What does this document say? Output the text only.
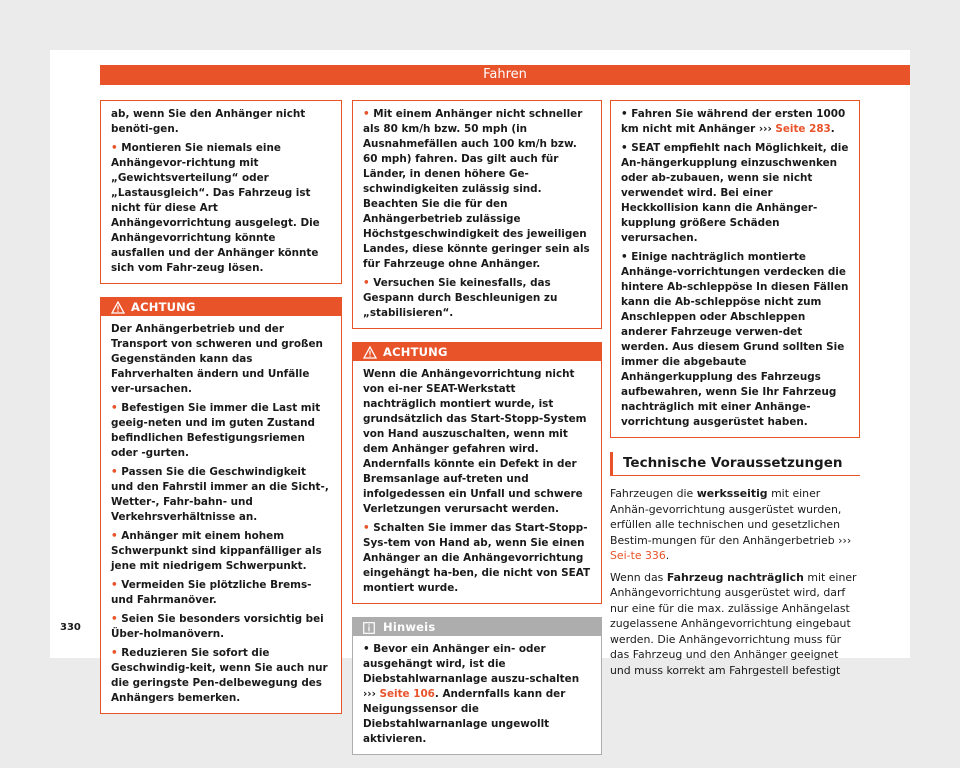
Fahren

ab, wenn Sie den Anhänger nicht benöti-gen.

• Montieren Sie niemals eine Anhängevor-richtung mit „Gewichtsverteilung“ oder „Lastausgleich“. Das Fahrzeug ist nicht für diese Art Anhängevorrichtung ausgelegt. Die Anhängevorrichtung könnte ausfallen und der Anhänger könnte sich vom Fahr-zeug lösen.

ACHTUNG

Der Anhängerbetrieb und der Transport von schweren und großen Gegenständen kann das Fahrverhalten ändern und Unfälle ver-ursachen.

• Befestigen Sie immer die Last mit geeig-neten und im guten Zustand befindlichen Befestigungsriemen oder -gurten.

• Passen Sie die Geschwindigkeit und den Fahrstil immer an die Sicht-, Wetter-, Fahr-bahn- und Verkehrsverhältnisse an.

• Anhänger mit einem hohem Schwerpunkt sind kippanfälliger als jene mit niedrigem Schwerpunkt.

• Vermeiden Sie plötzliche Brems- und Fahrmanöver.

• Seien Sie besonders vorsichtig bei Über-holmanövern.

• Reduzieren Sie sofort die Geschwindig-keit, wenn Sie auch nur die geringste Pen-delbewegung des Anhängers bemerken.

• Mit einem Anhänger nicht schneller als 80 km/h bzw. 50 mph (in Ausnahmefällen auch 100 km/h bzw. 60 mph) fahren. Das gilt auch für Länder, in denen höhere Ge-schwindigkeiten zulässig sind. Beachten Sie die für den Anhängerbetrieb zulässige Höchstgeschwindigkeit des jeweiligen Landes, diese könnte geringer sein als für Fahrzeuge ohne Anhänger.

• Versuchen Sie keinesfalls, das Gespann durch Beschleunigen zu „stabilisieren“.

ACHTUNG

Wenn die Anhängevorrichtung nicht von ei-ner SEAT-Werkstatt nachträglich montiert wurde, ist grundsätzlich das Start-Stopp-System von Hand auszuschalten, wenn mit dem Anhänger gefahren wird. Andernfalls könnte ein Defekt in der Bremsanlage auf-treten und infolgedessen ein Unfall und schwere Verletzungen verursacht werden.

• Schalten Sie immer das Start-Stopp-Sys-tem von Hand ab, wenn Sie einen Anhänger an die Anhängevorrichtung eingehängt ha-ben, die nicht von SEAT montiert wurde.

Hinweis

• Bevor ein Anhänger ein- oder ausgehängt wird, ist die Diebstahlwarnanlage auszu-schalten ››› Seite 106. Andernfalls kann der Neigungssensor die Diebstahlwarnanlage ungewollt aktivieren.

• Fahren Sie während der ersten 1000 km nicht mit Anhänger ››› Seite 283.

• SEAT empfiehlt nach Möglichkeit, die An-hängerkupplung einzuschwenken oder ab-zubauen, wenn sie nicht verwendet wird. Bei einer Heckkollision kann die Anhänger-kupplung größere Schäden verursachen.

• Einige nachträglich montierte Anhänge-vorrichtungen verdecken die hintere Ab-schleppöse In diesen Fällen kann die Ab-schleppöse nicht zum Anschleppen oder Abschleppen anderer Fahrzeuge verwen-det werden. Aus diesem Grund sollten Sie immer die abgebaute Anhängerkupplung des Fahrzeugs aufbewahren, wenn Sie Ihr Fahrzeug nachträglich mit einer Anhänge-vorrichtung ausgerüstet haben.

Technische Voraussetzungen

Fahrzeugen die werksseitig mit einer Anhän-gevorrichtung ausgerüstet wurden, erfüllen alle technischen und gesetzlichen Bestim-mungen für den Anhängerbetrieb ››› Sei-te 336.

Wenn das Fahrzeug nachträglich mit einer Anhängevorrichtung ausgerüstet wird, darf nur eine für die max. zulässige Anhängelast zugelassene Anhängevorrichtung eingebaut werden. Die Anhängevorrichtung muss für das Fahrzeug und den Anhänger geeignet und muss korrekt am Fahrgestell befestigt

330
